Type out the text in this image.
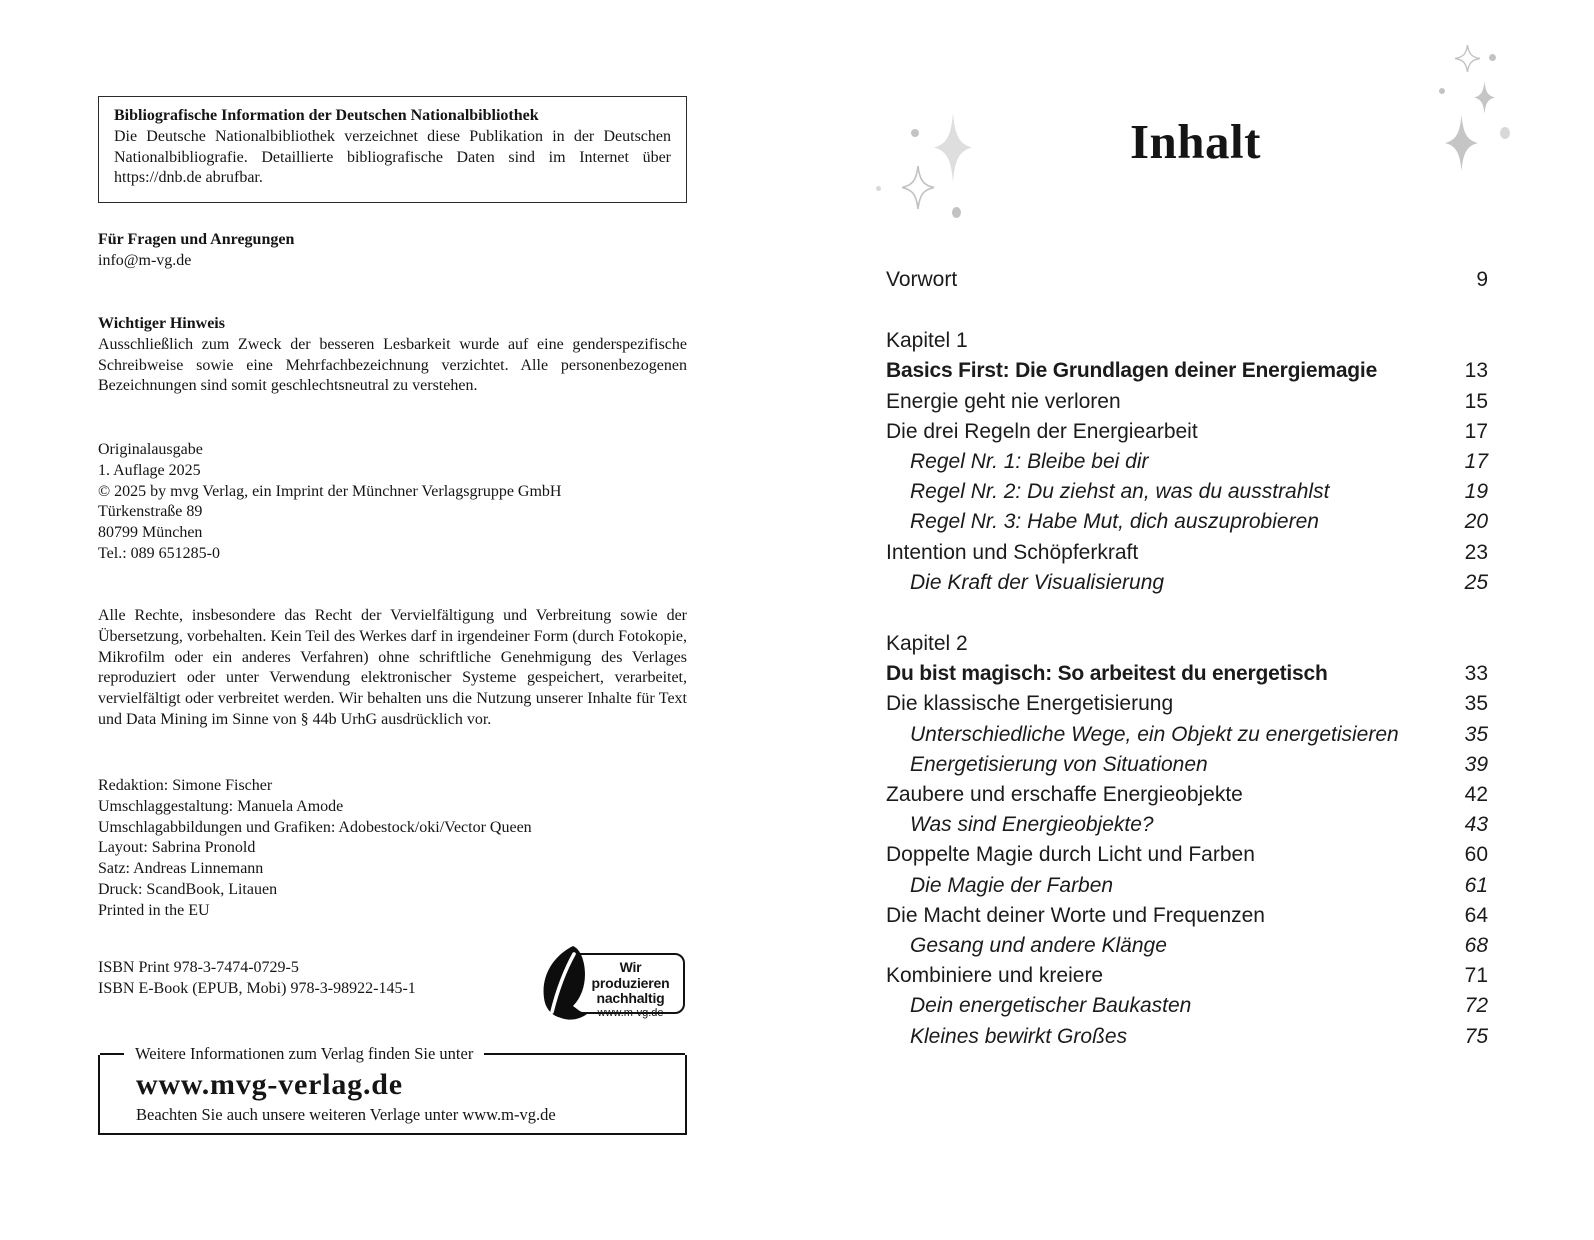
Bibliografische Information der Deutschen Nationalbibliothek
Die Deutsche Nationalbibliothek verzeichnet diese Publikation in der Deutschen Nationalbibliografie. Detaillierte bibliografische Daten sind im Internet über https://dnb.de abrufbar.
Für Fragen und Anregungen
info@m-vg.de
Wichtiger Hinweis
Ausschließlich zum Zweck der besseren Lesbarkeit wurde auf eine genderspezifische Schreibweise sowie eine Mehrfachbezeichnung verzichtet. Alle personenbezogenen Bezeichnungen sind somit geschlechtsneutral zu verstehen.
Originalausgabe
1. Auflage 2025
© 2025 by mvg Verlag, ein Imprint der Münchner Verlagsgruppe GmbH
Türkenstraße 89
80799 München
Tel.: 089 651285-0
Alle Rechte, insbesondere das Recht der Vervielfältigung und Verbreitung sowie der Übersetzung, vorbehalten. Kein Teil des Werkes darf in irgendeiner Form (durch Fotokopie, Mikrofilm oder ein anderes Verfahren) ohne schriftliche Genehmigung des Verlages reproduziert oder unter Verwendung elektronischer Systeme gespeichert, verarbeitet, vervielfältigt oder verbreitet werden. Wir behalten uns die Nutzung unserer Inhalte für Text und Data Mining im Sinne von § 44b UrhG ausdrücklich vor.
Redaktion: Simone Fischer
Umschlaggestaltung: Manuela Amode
Umschlagabbildungen und Grafiken: Adobestock/oki/Vector Queen
Layout: Sabrina Pronold
Satz: Andreas Linnemann
Druck: ScandBook, Litauen
Printed in the EU
ISBN Print 978-3-7474-0729-5
ISBN E-Book (EPUB, Mobi) 978-3-98922-145-1
Wir produzieren
nachhaltig
www.m-vg.de
Weitere Informationen zum Verlag finden Sie unter
www.mvg-verlag.de
Beachten Sie auch unsere weiteren Verlage unter www.m-vg.de
Inhalt
Vorwort	9
Kapitel 1
Basics First: Die Grundlagen deiner Energiemagie	13
Energie geht nie verloren	15
Die drei Regeln der Energiearbeit	17
Regel Nr. 1: Bleibe bei dir	17
Regel Nr. 2: Du ziehst an, was du ausstrahlst	19
Regel Nr. 3: Habe Mut, dich auszuprobieren	20
Intention und Schöpferkraft	23
Die Kraft der Visualisierung	25
Kapitel 2
Du bist magisch: So arbeitest du energetisch	33
Die klassische Energetisierung	35
Unterschiedliche Wege, ein Objekt zu energetisieren	35
Energetisierung von Situationen	39
Zaubere und erschaffe Energieobjekte	42
Was sind Energieobjekte?	43
Doppelte Magie durch Licht und Farben	60
Die Magie der Farben	61
Die Macht deiner Worte und Frequenzen	64
Gesang und andere Klänge	68
Kombiniere und kreiere	71
Dein energetischer Baukasten	72
Kleines bewirkt Großes	75
